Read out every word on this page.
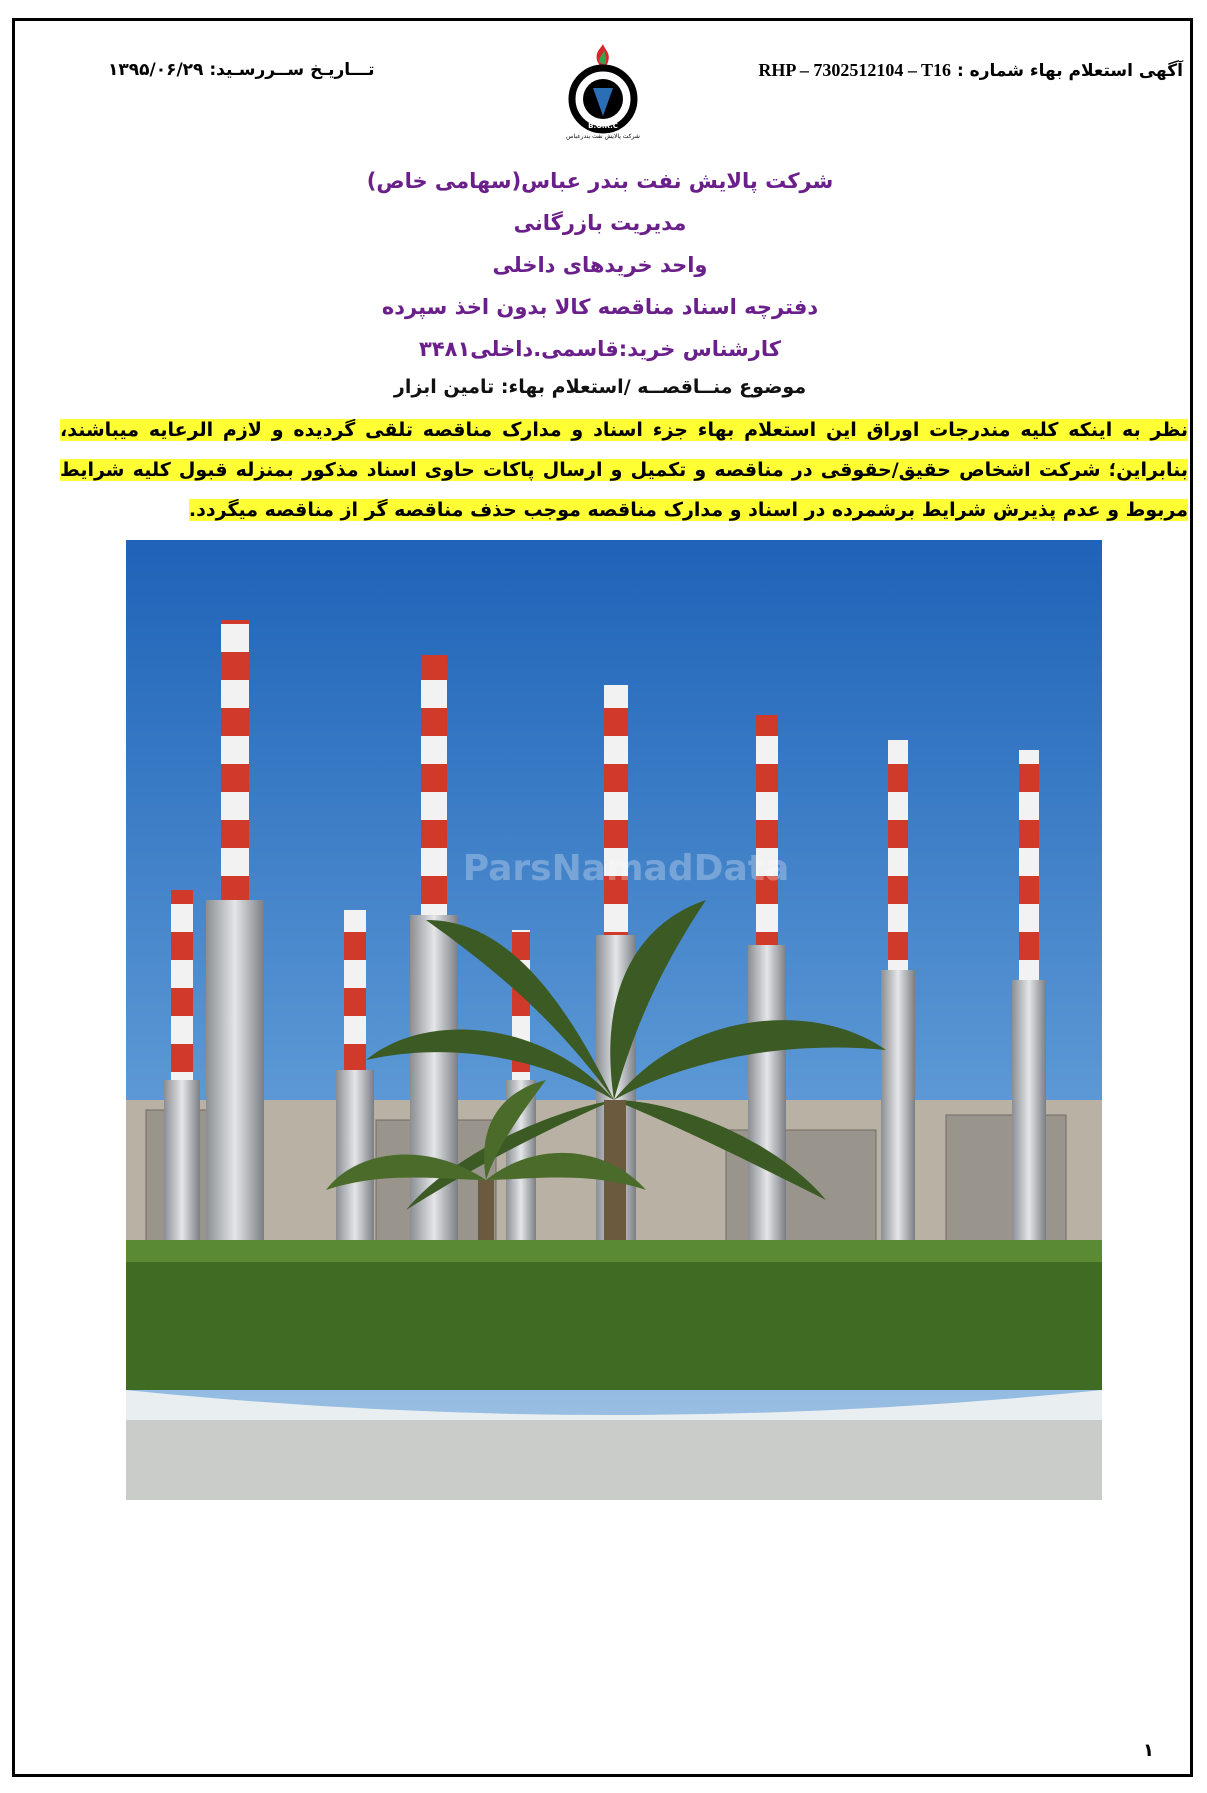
آگهی استعلام بهاء شماره : RHP – 7302512104 – T16
تـــاریـخ ســررسـید: ۱۳۹۵/۰۶/۲۹
B.O.R.C
شرکت پالایش نفت بندرعباس
شرکت پالایش نفت بندر عباس(سهامی خاص)
مدیریت بازرگانی
واحد خریدهای داخلی
دفترچه اسناد مناقصه کالا بدون اخذ سپرده
کارشناس خرید:قاسمی.داخلی۳۴۸۱
موضوع منــاقصــه /استعلام بهاء: تامین ابزار
نظر به اینکه کلیه مندرجات اوراق این استعلام بهاء جزء اسناد و مدارک مناقصه تلقی گردیده و لازم الرعایه میباشند، بنابراین؛ شرکت اشخاص حقیق/حقوقی در مناقصه و تکمیل و ارسال پاکات حاوی اسناد مذکور بمنزله قبول کلیه شرایط مربوط و عدم پذیرش شرایط برشمرده در اسناد و مدارک مناقصه موجب حذف مناقصه گر از مناقصه میگردد.
ParsNamadData
۱
